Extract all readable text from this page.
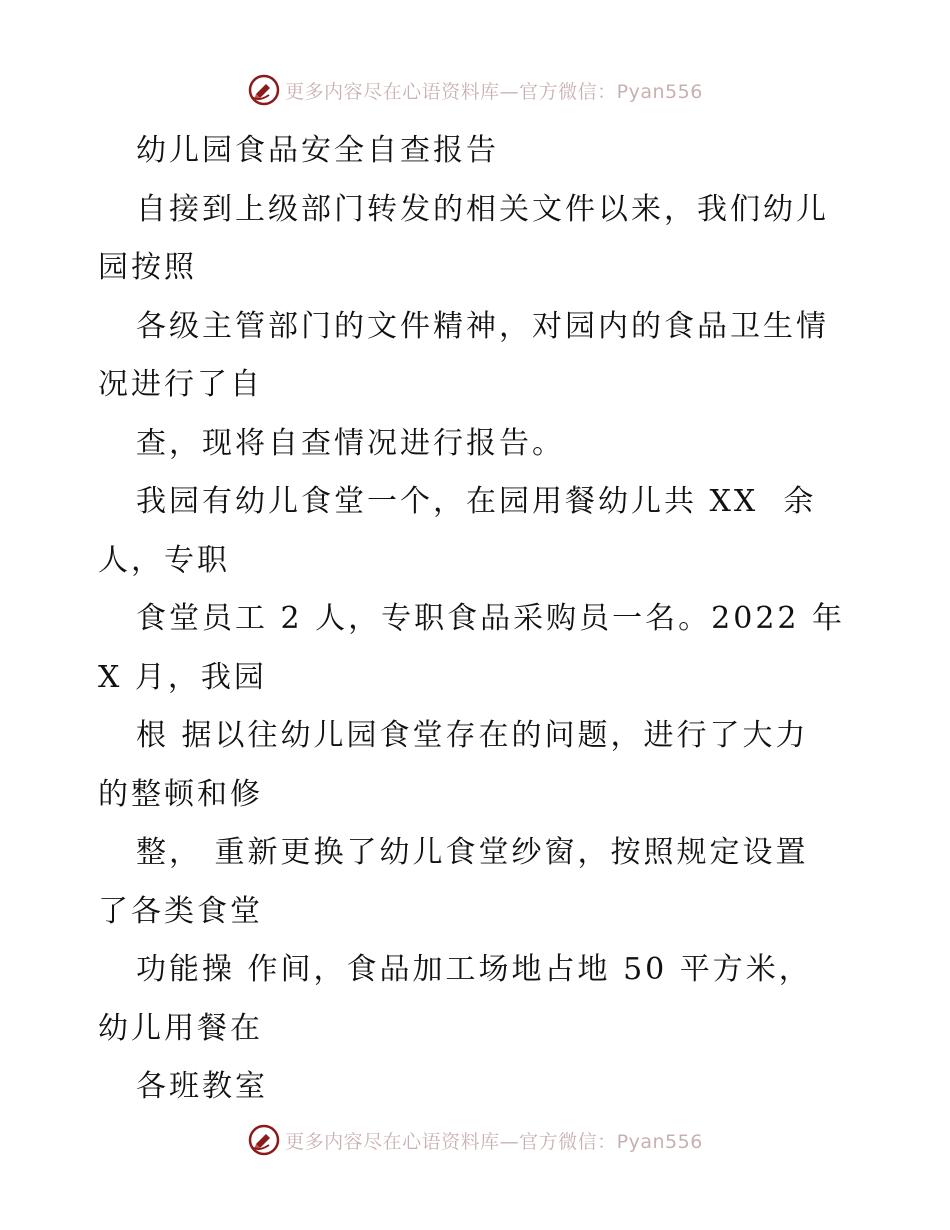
更多内容尽在心语资料库—官方微信：Pyan556
幼儿园食品安全自查报告
自接到上级部门转发的相关文件以来，我们幼儿
园按照
各级主管部门的文件精神，对园内的食品卫生情
况进行了自
查，现将自查情况进行报告。
我园有幼儿食堂一个，在园用餐幼儿共 XX  余
人，专职
食堂员工 2 人，专职食品采购员一名。2022 年
X 月，我园
根 据以往幼儿园食堂存在的问题，进行了大力
的整顿和修
整， 重新更换了幼儿食堂纱窗，按照规定设置
了各类食堂
功能操 作间，食品加工场地占地 50 平方米，
幼儿用餐在
各班教室
更多内容尽在心语资料库—官方微信：Pyan556
